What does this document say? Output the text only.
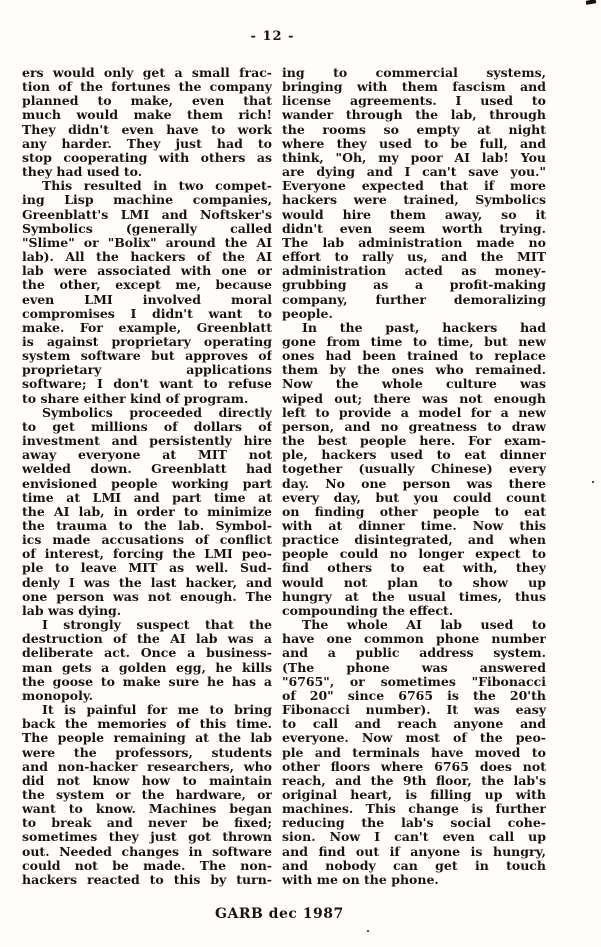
- 12 -
ers would only get a small frac-
tion of the fortunes the company
planned to make, even that
much would make them rich!
They didn't even have to work
any harder. They just had to
stop cooperating with others as
they had used to.
This resulted in two compet-
ing Lisp machine companies,
Greenblatt's LMI and Noftsker's
Symbolics (generally called
"Slime" or "Bolix" around the AI
lab). All the hackers of the AI
lab were associated with one or
the other, except me, because
even LMI involved moral
compromises I didn't want to
make. For example, Greenblatt
is against proprietary operating
system software but approves of
proprietary applications
software; I don't want to refuse
to share either kind of program.
Symbolics proceeded directly
to get millions of dollars of
investment and persistently hire
away everyone at MIT not
welded down. Greenblatt had
envisioned people working part
time at LMI and part time at
the AI lab, in order to minimize
the trauma to the lab. Symbol-
ics made accusations of conflict
of interest, forcing the LMI peo-
ple to leave MIT as well. Sud-
denly I was the last hacker, and
one person was not enough. The
lab was dying.
I strongly suspect that the
destruction of the AI lab was a
deliberate act. Once a business-
man gets a golden egg, he kills
the goose to make sure he has a
monopoly.
It is painful for me to bring
back the memories of this time.
The people remaining at the lab
were the professors, students
and non-hacker researchers, who
did not know how to maintain
the system or the hardware, or
want to know. Machines began
to break and never be fixed;
sometimes they just got thrown
out. Needed changes in software
could not be made. The non-
hackers reacted to this by turn-
ing to commercial systems,
bringing with them fascism and
license agreements. I used to
wander through the lab, through
the rooms so empty at night
where they used to be full, and
think, "Oh, my poor AI lab! You
are dying and I can't save you."
Everyone expected that if more
hackers were trained, Symbolics
would hire them away, so it
didn't even seem worth trying.
The lab administration made no
effort to rally us, and the MIT
administration acted as money-
grubbing as a profit-making
company, further demoralizing
people.
In the past, hackers had
gone from time to time, but new
ones had been trained to replace
them by the ones who remained.
Now the whole culture was
wiped out; there was not enough
left to provide a model for a new
person, and no greatness to draw
the best people here. For exam-
ple, hackers used to eat dinner
together (usually Chinese) every
day. No one person was there
every day, but you could count
on finding other people to eat
with at dinner time. Now this
practice disintegrated, and when
people could no longer expect to
find others to eat with, they
would not plan to show up
hungry at the usual times, thus
compounding the effect.
The whole AI lab used to
have one common phone number
and a public address system.
(The phone was answered
"6765", or sometimes "Fibonacci
of 20" since 6765 is the 20'th
Fibonacci number). It was easy
to call and reach anyone and
everyone. Now most of the peo-
ple and terminals have moved to
other floors where 6765 does not
reach, and the 9th floor, the lab's
original heart, is filling up with
machines. This change is further
reducing the lab's social cohe-
sion. Now I can't even call up
and find out if anyone is hungry,
and nobody can get in touch
with me on the phone.
GARB dec 1987
